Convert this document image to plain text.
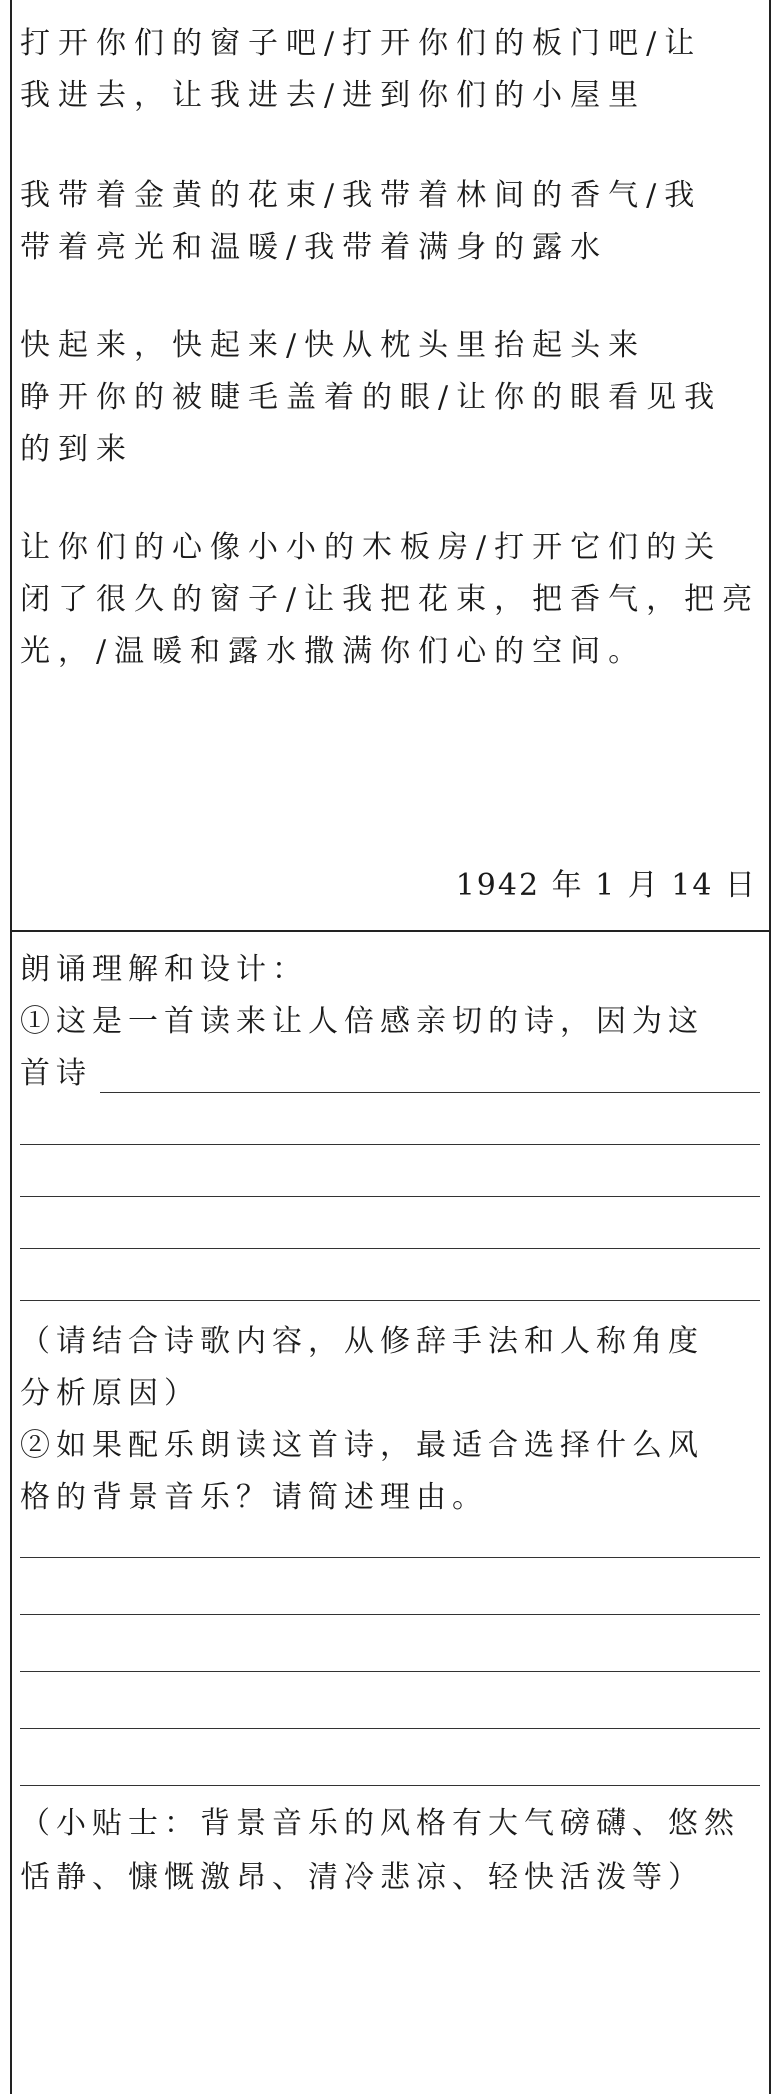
打开你们的窗子吧/打开你们的板门吧/让
我进去，让我进去/进到你们的小屋里
我带着金黄的花束/我带着林间的香气/我
带着亮光和温暖/我带着满身的露水
快起来，快起来/快从枕头里抬起头来
睁开你的被睫毛盖着的眼/让你的眼看见我
的到来
让你们的心像小小的木板房/打开它们的关
闭了很久的窗子/让我把花束，把香气，把亮
光，/温暖和露水撒满你们心的空间。
1942 年 1 月 14 日
朗诵理解和设计：
①这是一首读来让人倍感亲切的诗，因为这
首诗
（请结合诗歌内容，从修辞手法和人称角度
分析原因）
②如果配乐朗读这首诗，最适合选择什么风
格的背景音乐？请简述理由。
（小贴士：背景音乐的风格有大气磅礴、悠然
恬静、慷慨激昂、清冷悲凉、轻快活泼等）
